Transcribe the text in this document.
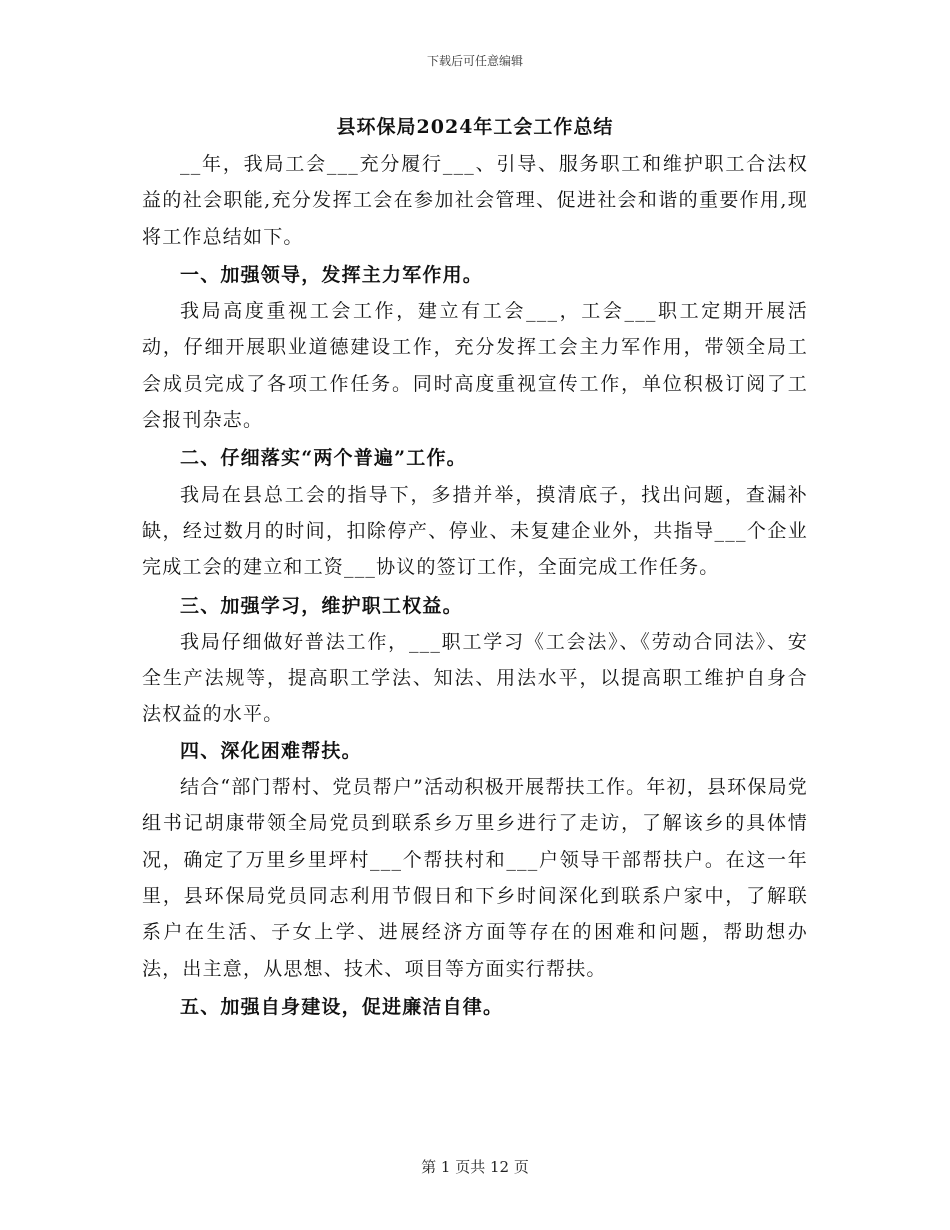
下载后可任意编辑
县环保局2024年工会工作总结

__年，我局工会___充分履行___、引导、服务职工和维护职工合法权益的社会职能,充分发挥工会在参加社会管理、促进社会和谐的重要作用,现将工作总结如下。

一、加强领导，发挥主力军作用。

我局高度重视工会工作，建立有工会___，工会___职工定期开展活动，仔细开展职业道德建设工作，充分发挥工会主力军作用，带领全局工会成员完成了各项工作任务。同时高度重视宣传工作，单位积极订阅了工会报刊杂志。

二、仔细落实“两个普遍”工作。

我局在县总工会的指导下，多措并举，摸清底子，找出问题，查漏补缺，经过数月的时间，扣除停产、停业、未复建企业外，共指导___个企业完成工会的建立和工资___协议的签订工作，全面完成工作任务。

三、加强学习，维护职工权益。

我局仔细做好普法工作，___职工学习《工会法》、《劳动合同法》、安全生产法规等，提高职工学法、知法、用法水平，以提高职工维护自身合法权益的水平。

四、深化困难帮扶。

结合“部门帮村、党员帮户”活动积极开展帮扶工作。年初，县环保局党组书记胡康带领全局党员到联系乡万里乡进行了走访，了解该乡的具体情况，确定了万里乡里坪村___个帮扶村和___户领导干部帮扶户。在这一年里，县环保局党员同志利用节假日和下乡时间深化到联系户家中，了解联系户在生活、子女上学、进展经济方面等存在的困难和问题，帮助想办法，出主意，从思想、技术、项目等方面实行帮扶。

五、加强自身建设，促进廉洁自律。

第 1 页共 12 页
